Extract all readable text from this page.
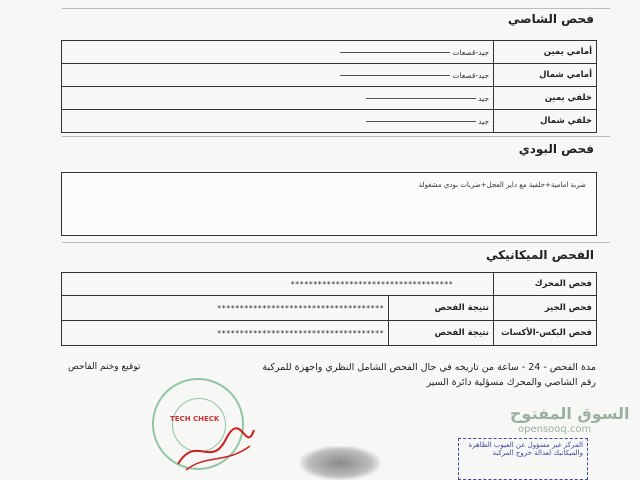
فحص الشاصي
أمامي يمين	جيد-قصعات

أمامي شمال	جيد-قصعات

خلفي يمين	جيد

خلفي شمال	جيد
فحص البودي
ضربة امامية+خلفية مع داير العجل+ضربات بودي مشغولة
الفحص الميكانيكي
فحص المحرك	************************************	
فحص الجير	نتيجة الفحص	*************************************
فحص البكس-الأكسات	نتيجة الفحص	*************************************
مدة الفحص - 24 - ساعة من تاريخه في حال الفحص الشامل النظري واجهزة للمركبة
رقم الشاصي والمحرك مسؤلية دائرة السير
توقيع وختم الفاحص
TECH CHECK
المركز غير مسؤول عن العيوب الظاهرة
والميكانيك لعدالة خروج المركبة
السوق المفتوح
opensooq.com
